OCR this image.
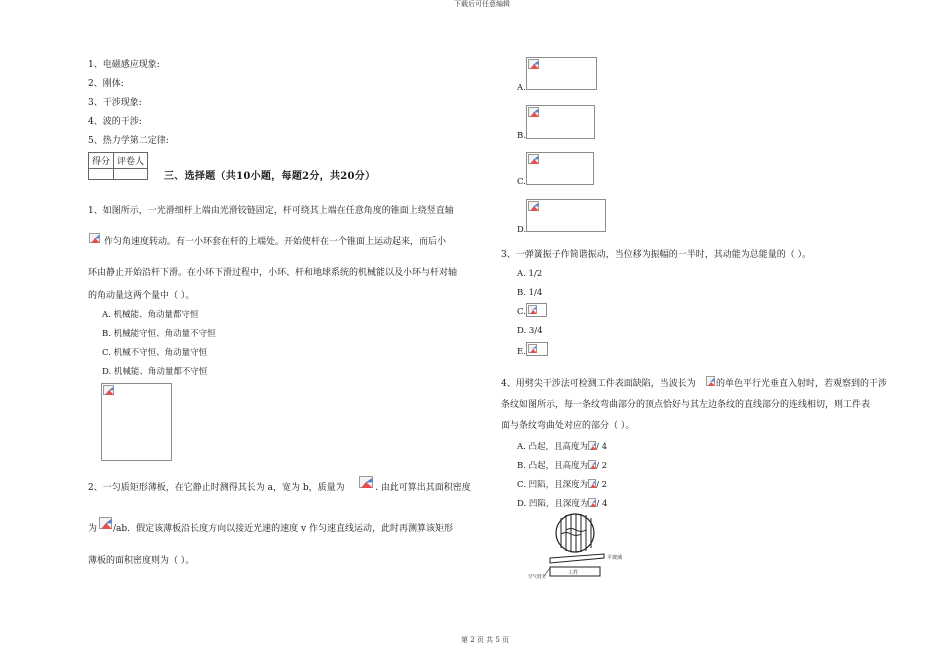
下载后可任意编辑
第 2 页 共 5 页
1、电磁感应现象:
2、刚体:
3、干涉现象:
4、波的干涉:
5、热力学第二定律:
得分	评卷人

三、选择题（共10小题，每题2分，共20分）
1、如图所示，一光滑细杆上端由光滑铰链固定，杆可绕其上端在任意角度的锥面上绕竖直轴
作匀角速度转动。有一小环套在杆的上端处。开始使杆在一个锥面上运动起来，而后小
环由静止开始沿杆下滑。在小环下滑过程中，小环、杆和地球系统的机械能以及小环与杆对轴
的角动量这两个量中（ ）。
A. 机械能、角动量都守恒
B. 机械能守恒、角动量不守恒
C. 机械不守恒、角动量守恒
D. 机械能、角动量都不守恒
2、一匀质矩形薄板，在它静止时测得其长为 a，宽为 b，质量为	. 由此可算出其面积密度
为 /ab．假定该薄板沿长度方向以接近光速的速度 v 作匀速直线运动，此时再测算该矩形
薄板的面积密度则为（ ）。
A.
B.
C.
D.
3、一弹簧振子作简谐振动，当位移为振幅的一半时，其动能为总能量的（ ）。
A. 1/2
B. 1/4
C.
D. 3/4
E.
4、用劈尖干涉法可检测工件表面缺陷，当波长为 的单色平行光垂直入射时，若观察到的干涉
条纹如图所示，每一条纹弯曲部分的顶点恰好与其左边条纹的直线部分的连线相切，则工件表
面与条纹弯曲处对应的部分（ ）。
A. 凸起，且高度为 / 4
B. 凸起，且高度为 / 2
C. 凹陷，且深度为 / 2
D. 凹陷，且深度为 / 4
平玻璃
工件
空气劈尖
